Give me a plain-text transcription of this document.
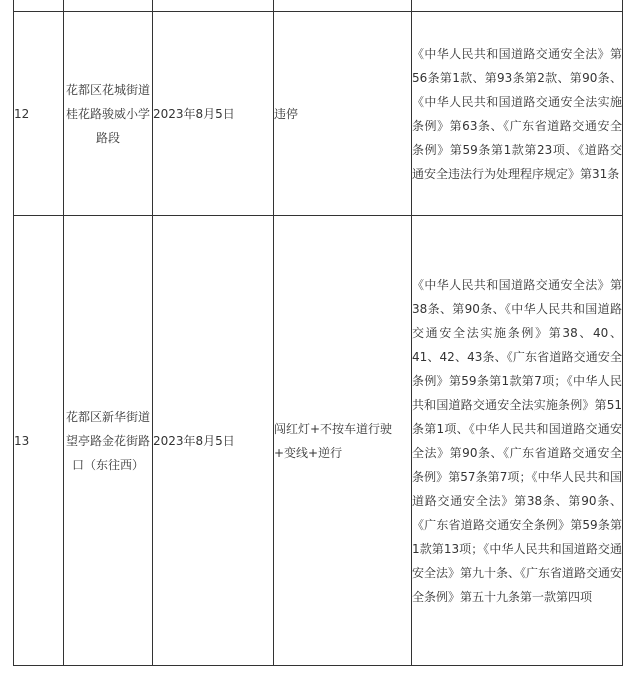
12	花都区花城街道桂花路骏威小学路段	2023年8月5日	违停	《中华人民共和国道路交通安全法》第56条第1款、第93条第2款、第90条、《中华人民共和国道路交通安全法实施条例》第63条、《广东省道路交通安全条例》第59条第1款第23项、《道路交通安全违法行为处理程序规定》第31条
13	花都区新华街道望亭路金花街路口（东往西）	2023年8月5日	闯红灯+不按车道行驶+变线+逆行	《中华人民共和国道路交通安全法》第38条、第90条、《中华人民共和国道路交通安全法实施条例》第38、40、41、42、43条、《广东省道路交通安全条例》第59条第1款第7项；《中华人民共和国道路交通安全法实施条例》第51条第1项、《中华人民共和国道路交通安全法》第90条、《广东省道路交通安全条例》第57条第7项；《中华人民共和国道路交通安全法》第38条、第90条、《广东省道路交通安全条例》第59条第1款第13项；《中华人民共和国道路交通安全法》第九十条、《广东省道路交通安全条例》第五十九条第一款第四项
